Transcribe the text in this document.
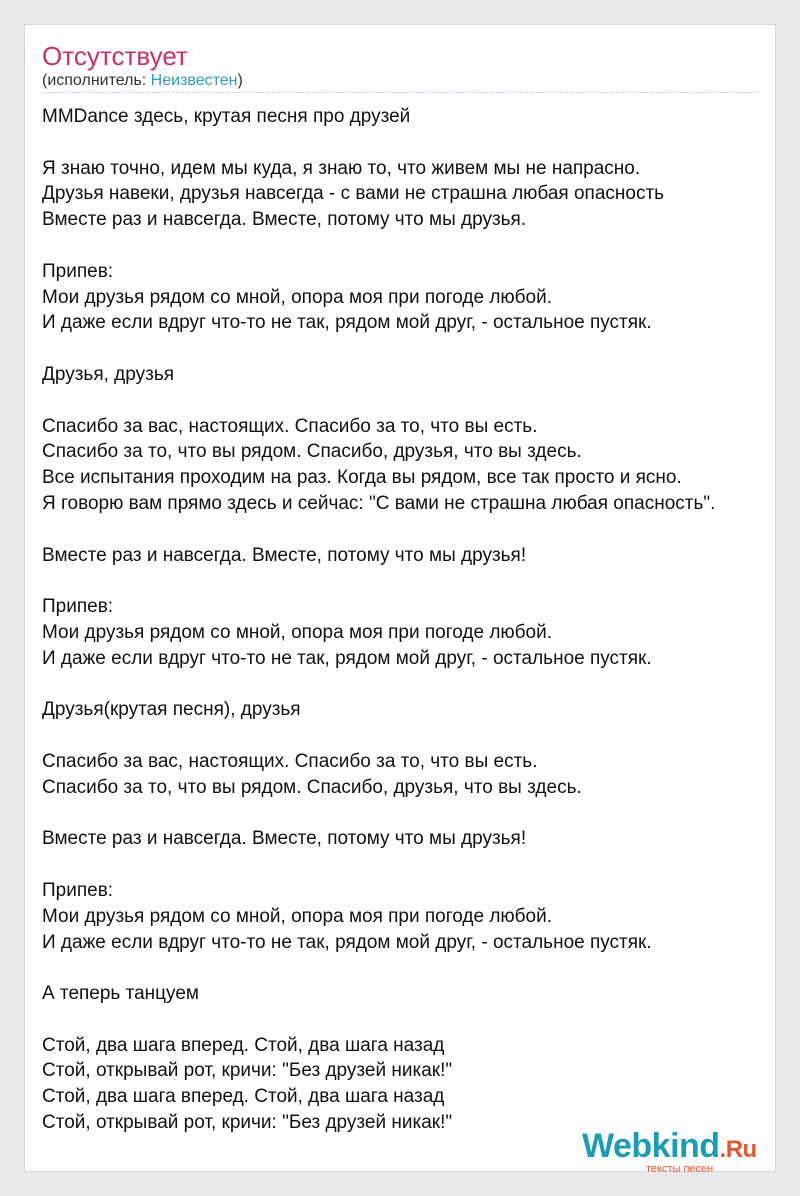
Отсутствует
(исполнитель: Неизвестен)
MMDance здесь, крутая песня про друзей
Я знаю точно, идем мы куда, я знаю то, что живем мы не напрасно.
Друзья навеки, друзья навсегда - с вами не страшна любая опасность
Вместе раз и навсегда. Вместе, потому что мы друзья.
Припев:
Мои друзья рядом со мной, опора моя при погоде любой.
И даже если вдруг что-то не так, рядом мой друг, - остальное пустяк.
Друзья, друзья
Спасибо за вас, настоящих. Спасибо за то, что вы есть.
Спасибо за то, что вы рядом. Спасибо, друзья, что вы здесь.
Все испытания проходим на раз. Когда вы рядом, все так просто и ясно.
Я говорю вам прямо здесь и сейчас: "С вами не страшна любая опасность".
Вместе раз и навсегда. Вместе, потому что мы друзья!
Припев:
Мои друзья рядом со мной, опора моя при погоде любой.
И даже если вдруг что-то не так, рядом мой друг, - остальное пустяк.
Друзья(крутая песня), друзья
Спасибо за вас, настоящих. Спасибо за то, что вы есть.
Спасибо за то, что вы рядом. Спасибо, друзья, что вы здесь.
Вместе раз и навсегда. Вместе, потому что мы друзья!
Припев:
Мои друзья рядом со мной, опора моя при погоде любой.
И даже если вдруг что-то не так, рядом мой друг, - остальное пустяк.
А теперь танцуем
Стой, два шага вперед. Стой, два шага назад
Стой, открывай рот, кричи: "Без друзей никак!"
Стой, два шага вперед. Стой, два шага назад
Стой, открывай рот, кричи: "Без друзей никак!"
Webkind.Ru
тексты песен
